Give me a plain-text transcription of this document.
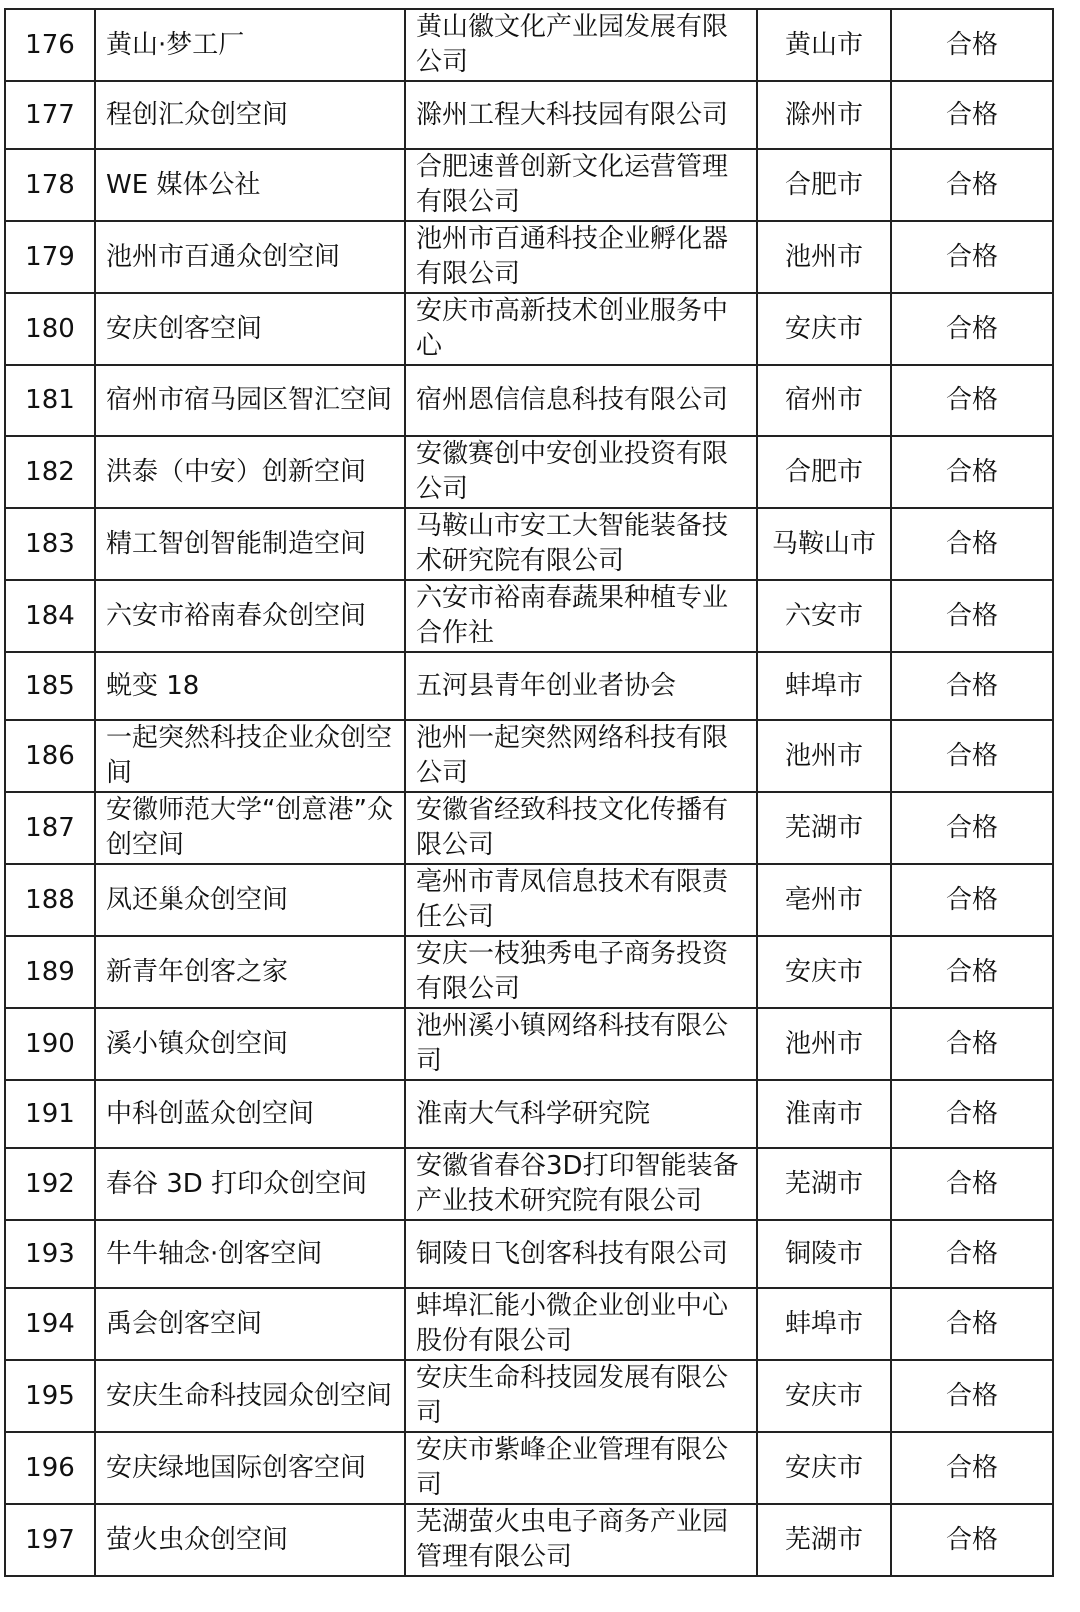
176	黄山·梦工厂	黄山徽文化产业园发展有限公司	黄山市	合格
177	程创汇众创空间	滁州工程大科技园有限公司	滁州市	合格
178	WE 媒体公社	合肥速普创新文化运营管理有限公司	合肥市	合格
179	池州市百通众创空间	池州市百通科技企业孵化器有限公司	池州市	合格
180	安庆创客空间	安庆市高新技术创业服务中心	安庆市	合格
181	宿州市宿马园区智汇空间	宿州恩信信息科技有限公司	宿州市	合格
182	洪泰（中安）创新空间	安徽赛创中安创业投资有限公司	合肥市	合格
183	精工智创智能制造空间	马鞍山市安工大智能装备技术研究院有限公司	马鞍山市	合格
184	六安市裕南春众创空间	六安市裕南春蔬果种植专业合作社	六安市	合格
185	蜕变 18	五河县青年创业者协会	蚌埠市	合格
186	一起突然科技企业众创空间	池州一起突然网络科技有限公司	池州市	合格
187	安徽师范大学“创意港”众创空间	安徽省经致科技文化传播有限公司	芜湖市	合格
188	凤还巢众创空间	亳州市青凤信息技术有限责任公司	亳州市	合格
189	新青年创客之家	安庆一枝独秀电子商务投资有限公司	安庆市	合格
190	溪小镇众创空间	池州溪小镇网络科技有限公司	池州市	合格
191	中科创蓝众创空间	淮南大气科学研究院	淮南市	合格
192	春谷 3D 打印众创空间	安徽省春谷3D打印智能装备产业技术研究院有限公司	芜湖市	合格
193	牛牛轴念·创客空间	铜陵日飞创客科技有限公司	铜陵市	合格
194	禹会创客空间	蚌埠汇能小微企业创业中心股份有限公司	蚌埠市	合格
195	安庆生命科技园众创空间	安庆生命科技园发展有限公司	安庆市	合格
196	安庆绿地国际创客空间	安庆市紫峰企业管理有限公司	安庆市	合格
197	萤火虫众创空间	芜湖萤火虫电子商务产业园管理有限公司	芜湖市	合格
